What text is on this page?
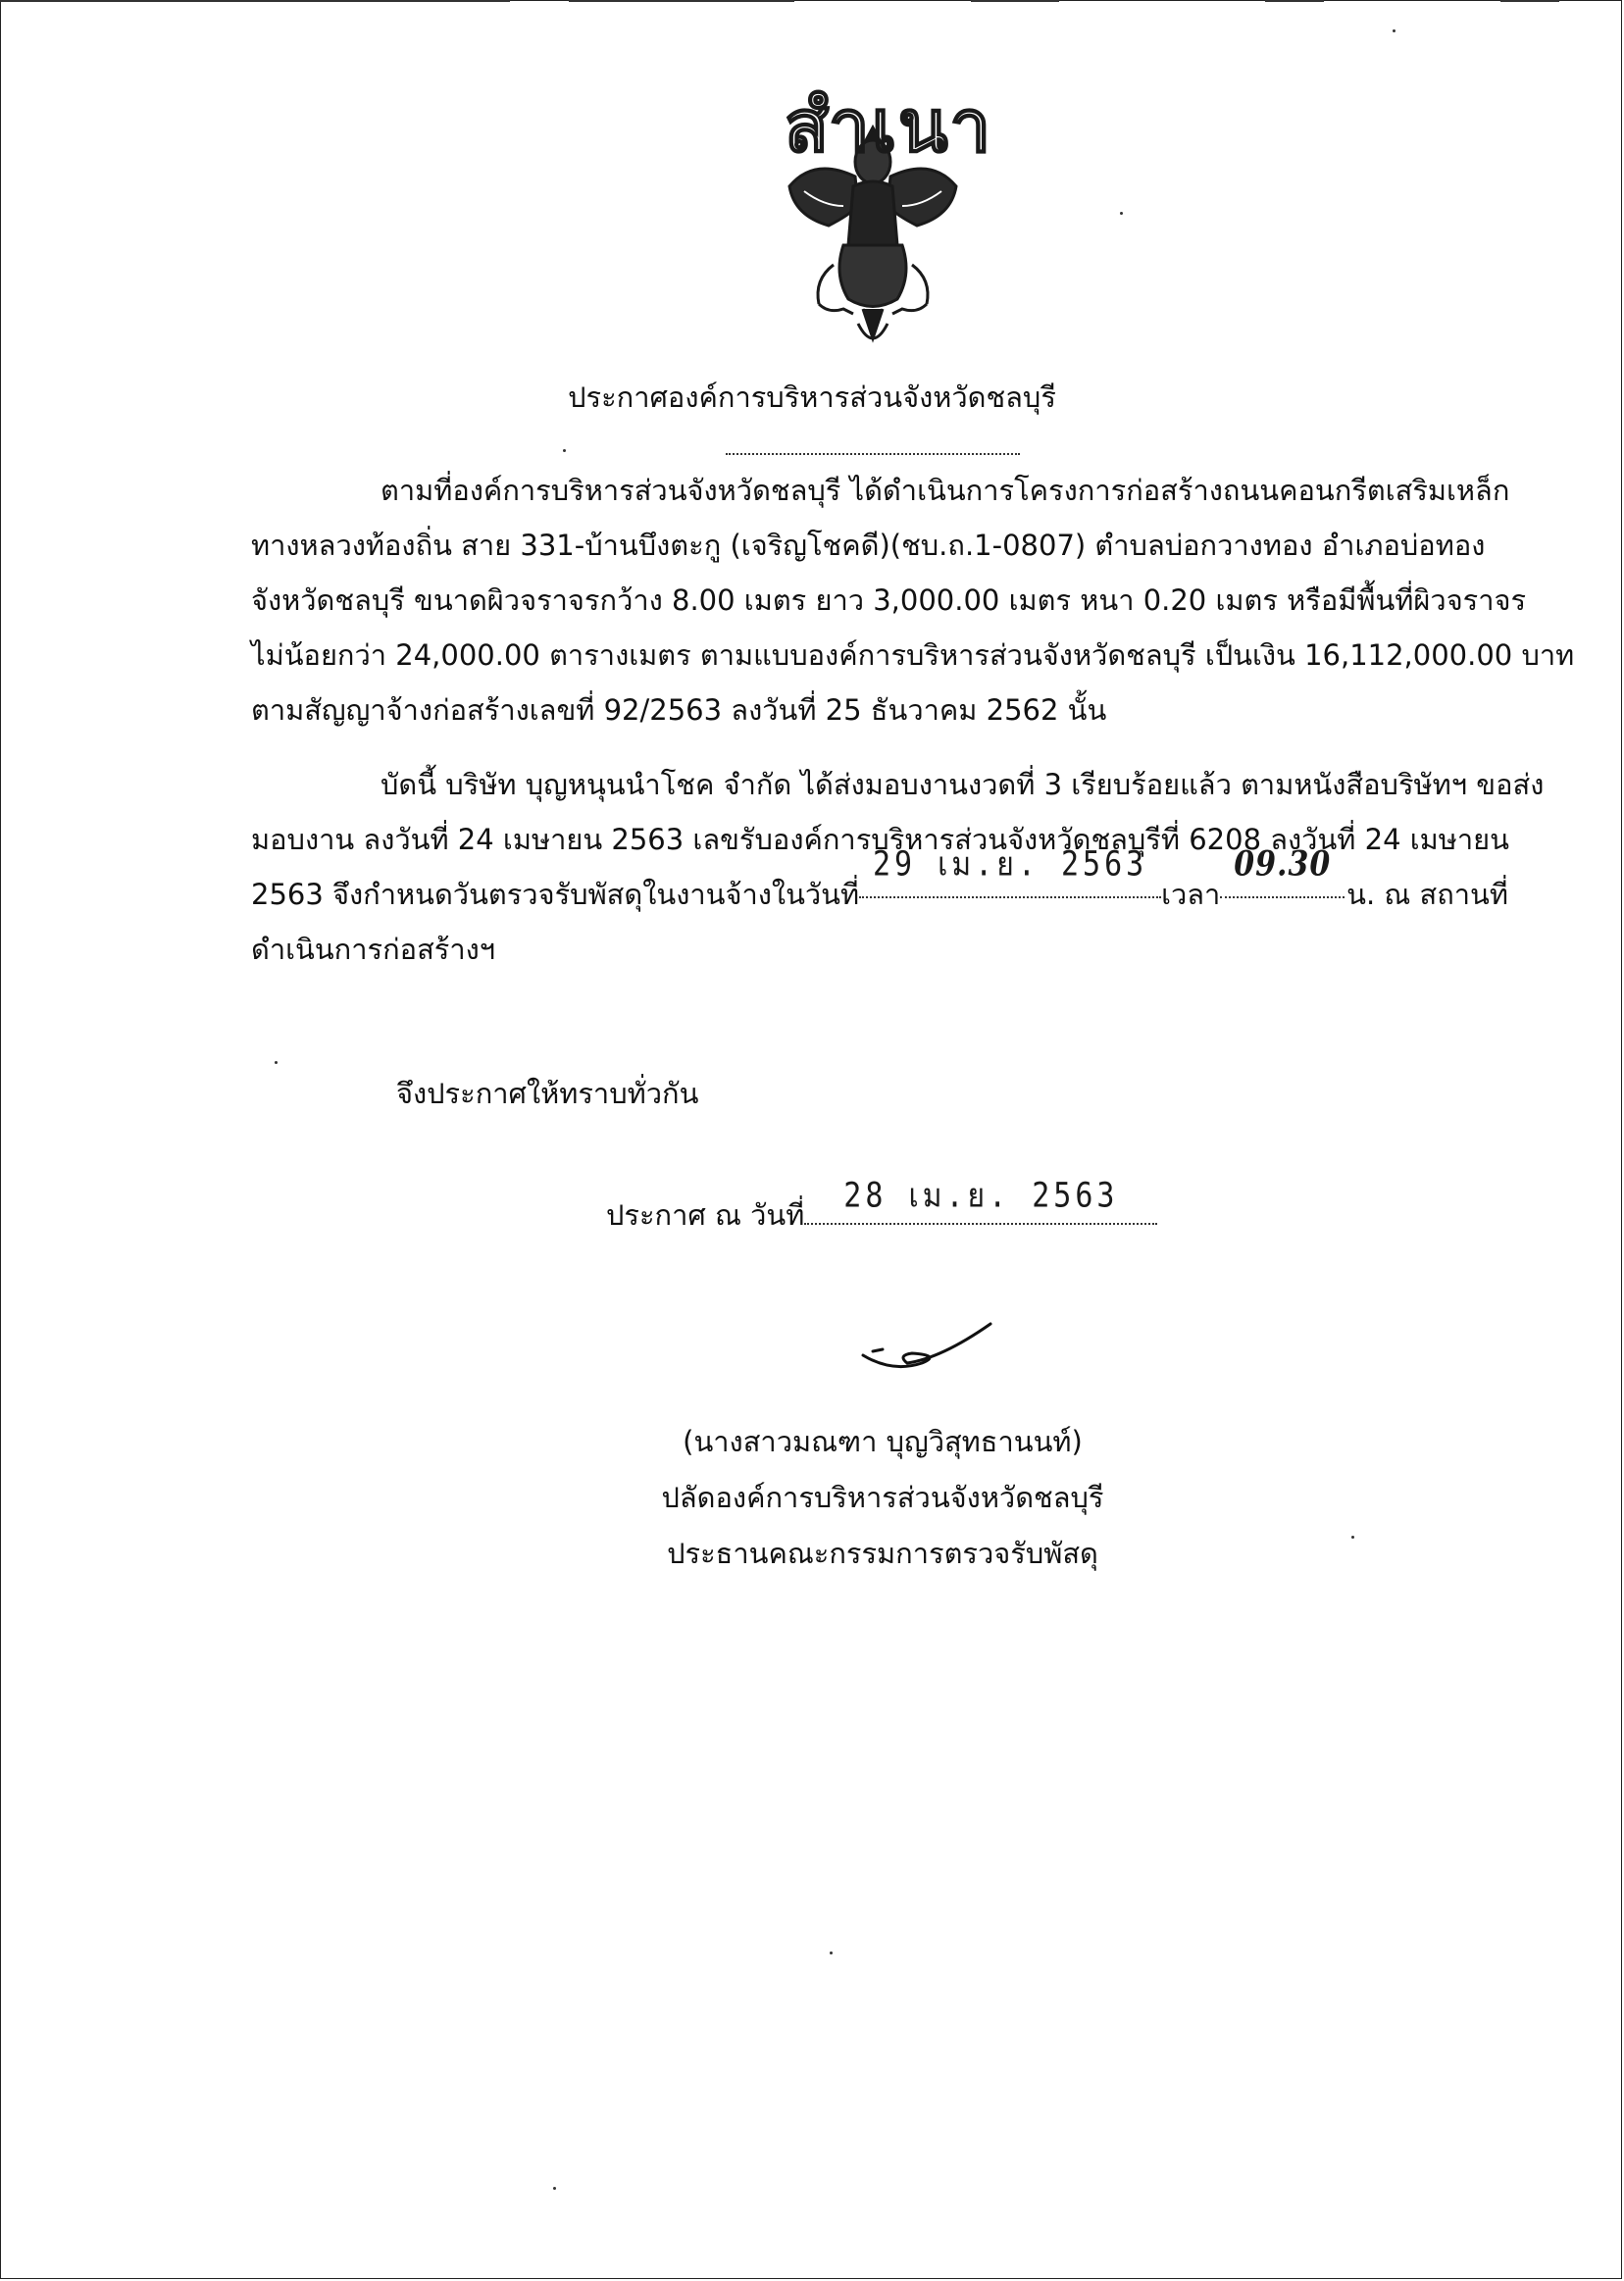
สำเนา
ประกาศองค์การบริหารส่วนจังหวัดชลบุรี
ตามที่องค์การบริหารส่วนจังหวัดชลบุรี ได้ดำเนินการโครงการก่อสร้างถนนคอนกรีตเสริมเหล็ก
ทางหลวงท้องถิ่น สาย 331-บ้านบึงตะกู (เจริญโชคดี)(ชบ.ถ.1-0807) ตำบลบ่อกวางทอง อำเภอบ่อทอง
จังหวัดชลบุรี ขนาดผิวจราจรกว้าง 8.00 เมตร ยาว 3,000.00 เมตร หนา 0.20 เมตร หรือมีพื้นที่ผิวจราจร
ไม่น้อยกว่า 24,000.00 ตารางเมตร ตามแบบองค์การบริหารส่วนจังหวัดชลบุรี เป็นเงิน 16,112,000.00 บาท
ตามสัญญาจ้างก่อสร้างเลขที่ 92/2563 ลงวันที่ 25 ธันวาคม 2562 นั้น
บัดนี้ บริษัท บุญหนุนนำโชค จำกัด ได้ส่งมอบงานงวดที่ 3 เรียบร้อยแล้ว ตามหนังสือบริษัทฯ ขอส่ง
มอบงาน ลงวันที่ 24 เมษายน 2563 เลขรับองค์การบริหารส่วนจังหวัดชลบุรีที่ 6208 ลงวันที่ 24 เมษายน
2563 จึงกำหนดวันตรวจรับพัสดุในงานจ้างในวันที่
29 เม.ย. 2563
เวลา
09.30
น. ณ สถานที่
ดำเนินการก่อสร้างฯ
จึงประกาศให้ทราบทั่วกัน
ประกาศ ณ วันที่	28 เม.ย. 2563
(นางสาวมณฑา บุญวิสุทธานนท์)
ปลัดองค์การบริหารส่วนจังหวัดชลบุรี
ประธานคณะกรรมการตรวจรับพัสดุ
